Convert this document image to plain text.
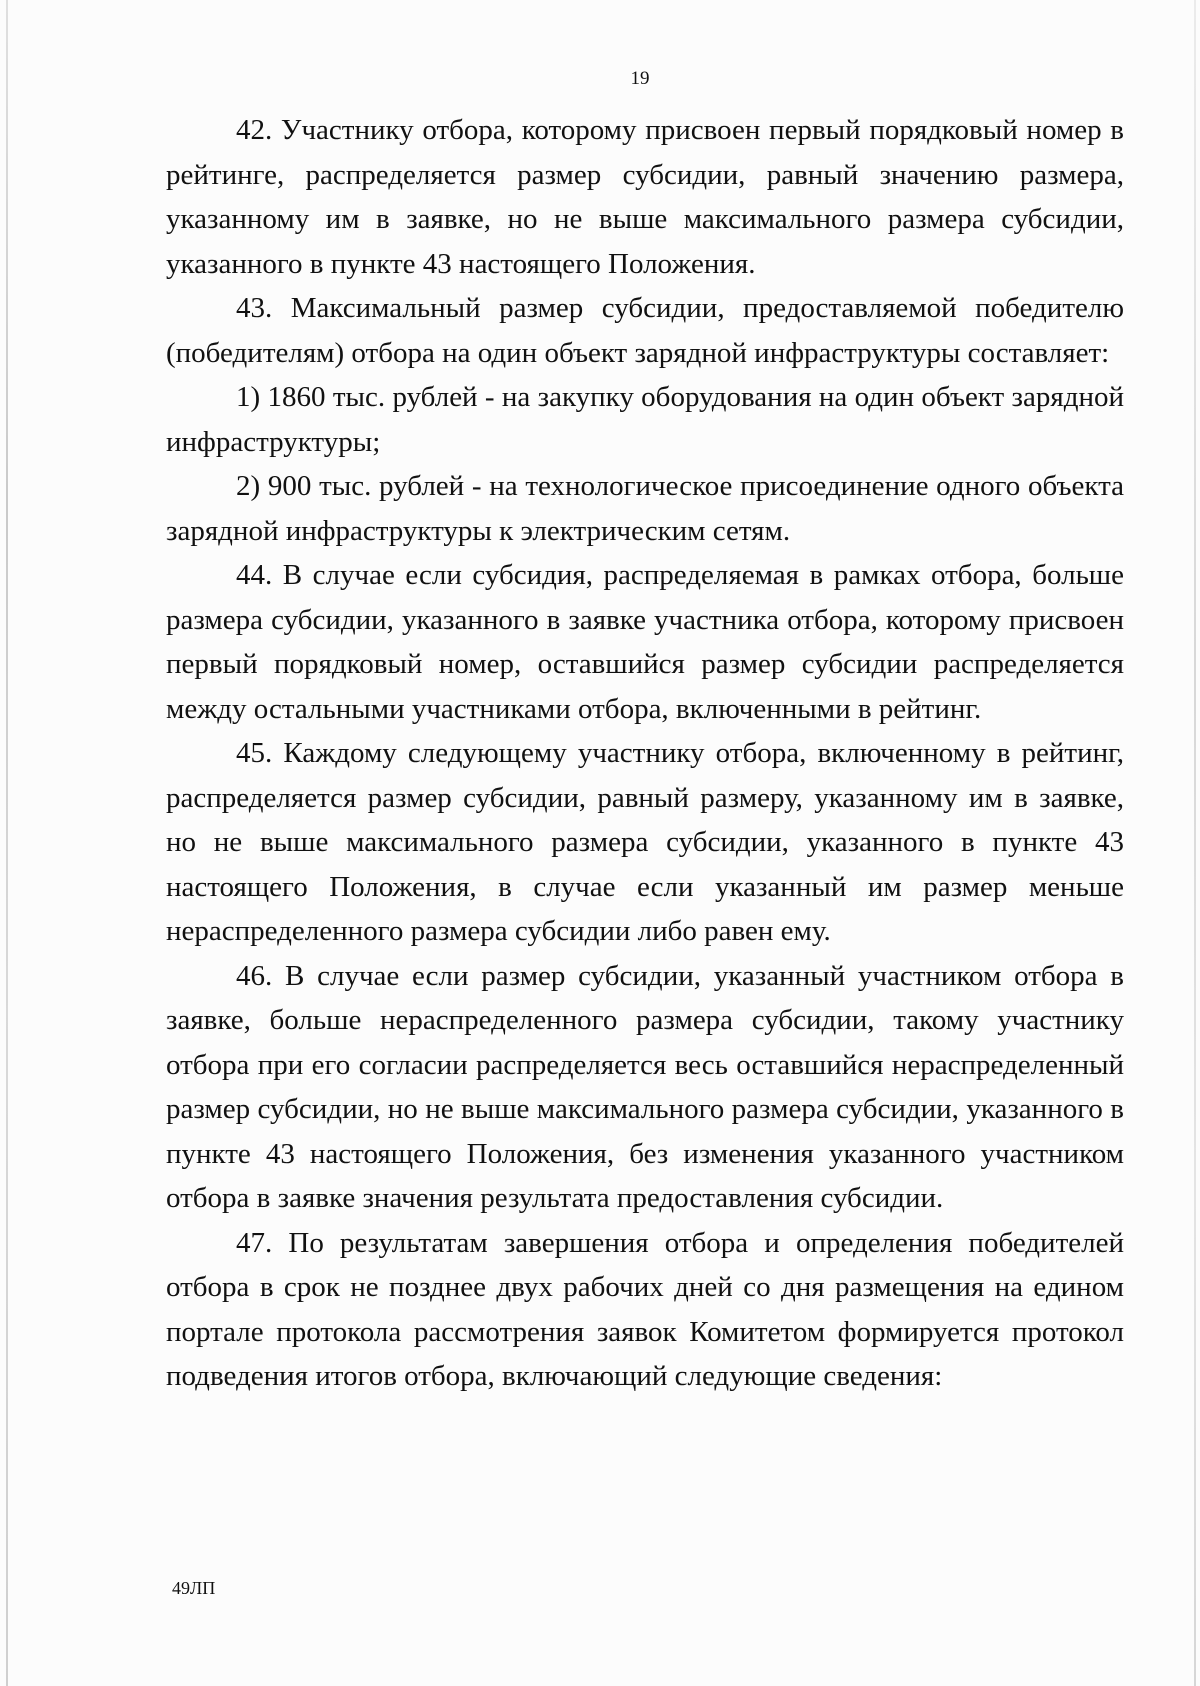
19

42. Участнику отбора, которому присвоен первый порядковый номер в рейтинге, распределяется размер субсидии, равный значению размера, указанному им в заявке, но не выше максимального размера субсидии, указанного в пункте 43 настоящего Положения.

43. Максимальный размер субсидии, предоставляемой победителю (победителям) отбора на один объект зарядной инфраструктуры составляет:

1) 1860 тыс. рублей - на закупку оборудования на один объект зарядной инфраструктуры;

2) 900 тыс. рублей - на технологическое присоединение одного объекта зарядной инфраструктуры к электрическим сетям.

44. В случае если субсидия, распределяемая в рамках отбора, больше размера субсидии, указанного в заявке участника отбора, которому присвоен первый порядковый номер, оставшийся размер субсидии распределяется между остальными участниками отбора, включенными в рейтинг.

45. Каждому следующему участнику отбора, включенному в рейтинг, распределяется размер субсидии, равный размеру, указанному им в заявке, но не выше максимального размера субсидии, указанного в пункте 43 настоящего Положения, в случае если указанный им размер меньше нераспределенного размера субсидии либо равен ему.

46. В случае если размер субсидии, указанный участником отбора в заявке, больше нераспределенного размера субсидии, такому участнику отбора при его согласии распределяется весь оставшийся нераспределенный размер субсидии, но не выше максимального размера субсидии, указанного в пункте 43 настоящего Положения, без изменения указанного участником отбора в заявке значения результата предоставления субсидии.

47. По результатам завершения отбора и определения победителей отбора в срок не позднее двух рабочих дней со дня размещения на едином портале протокола рассмотрения заявок Комитетом формируется протокол подведения итогов отбора, включающий следующие сведения:

49ЛП
